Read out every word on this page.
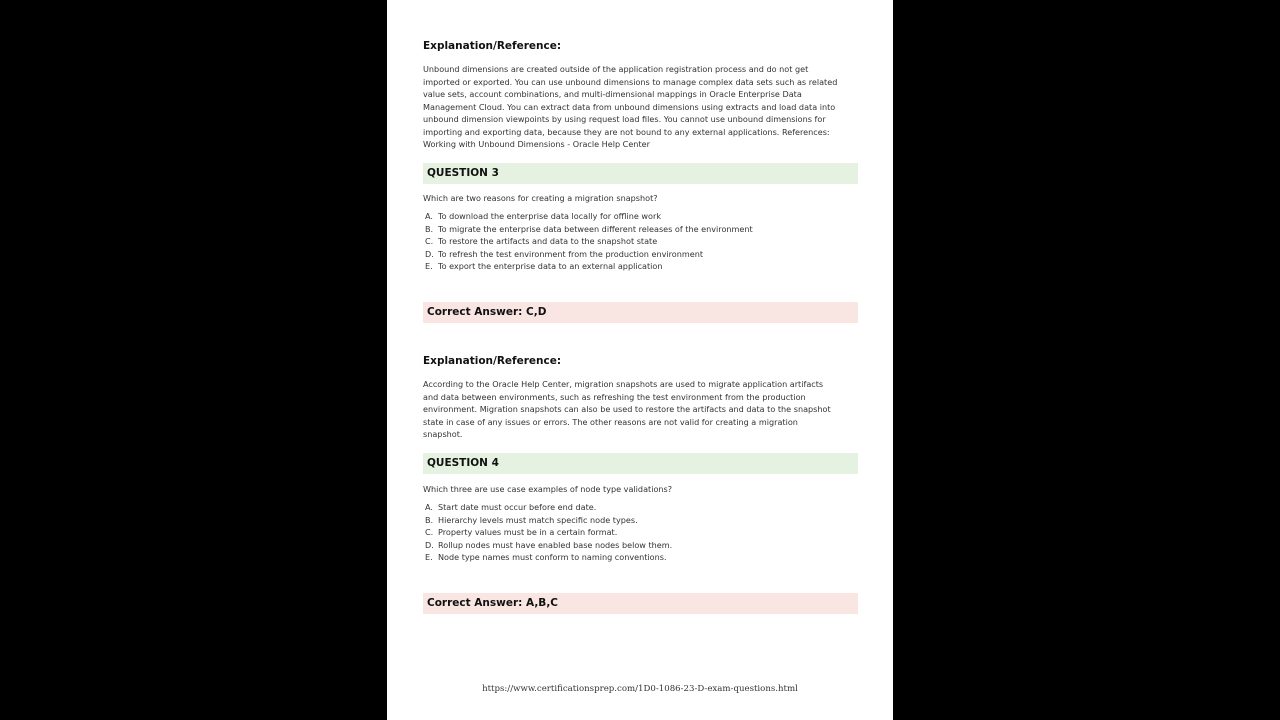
Explanation/Reference:
Unbound dimensions are created outside of the application registration process and do not get
imported or exported. You can use unbound dimensions to manage complex data sets such as related
value sets, account combinations, and multi-dimensional mappings in Oracle Enterprise Data
Management Cloud. You can extract data from unbound dimensions using extracts and load data into
unbound dimension viewpoints by using request load files. You cannot use unbound dimensions for
importing and exporting data, because they are not bound to any external applications. References:
Working with Unbound Dimensions - Oracle Help Center
QUESTION 3
Which are two reasons for creating a migration snapshot?
A. To download the enterprise data locally for offline work
B. To migrate the enterprise data between different releases of the environment
C. To restore the artifacts and data to the snapshot state
D. To refresh the test environment from the production environment
E. To export the enterprise data to an external application
Correct Answer: C,D
Explanation/Reference:
According to the Oracle Help Center, migration snapshots are used to migrate application artifacts
and data between environments, such as refreshing the test environment from the production
environment. Migration snapshots can also be used to restore the artifacts and data to the snapshot
state in case of any issues or errors. The other reasons are not valid for creating a migration
snapshot.
QUESTION 4
Which three are use case examples of node type validations?
A. Start date must occur before end date.
B. Hierarchy levels must match specific node types.
C. Property values must be in a certain format.
D. Rollup nodes must have enabled base nodes below them.
E. Node type names must conform to naming conventions.
Correct Answer: A,B,C
https://www.certificationsprep.com/1D0-1086-23-D-exam-questions.html
